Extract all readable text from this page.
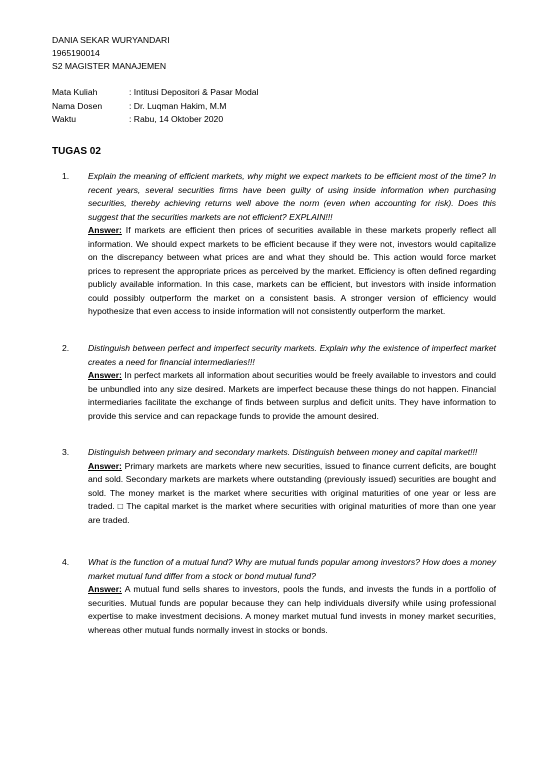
DANIA SEKAR WURYANDARI
1965190014
S2 MAGISTER MANAJEMEN
Mata Kuliah	: Intitusi Depositori & Pasar Modal
Nama Dosen	: Dr. Luqman Hakim, M.M
Waktu	: Rabu, 14 Oktober 2020
TUGAS 02
1. Explain the meaning of efficient markets, why might we expect markets to be efficient most of the time? In recent years, several securities firms have been guilty of using inside information when purchasing securities, thereby achieving returns well above the norm (even when accounting for risk). Does this suggest that the securities markets are not efficient? EXPLAIN!!!
Answer: If markets are efficient then prices of securities available in these markets properly reflect all information. We should expect markets to be efficient because if they were not, investors would capitalize on the discrepancy between what prices are and what they should be. This action would force market prices to represent the appropriate prices as perceived by the market. Efficiency is often defined regarding publicly available information. In this case, markets can be efficient, but investors with inside information could possibly outperform the market on a consistent basis. A stronger version of efficiency would hypothesize that even access to inside information will not consistently outperform the market.
2. Distinguish between perfect and imperfect security markets. Explain why the existence of imperfect market creates a need for financial intermediaries!!!
Answer: In perfect markets all information about securities would be freely available to investors and could be unbundled into any size desired. Markets are imperfect because these things do not happen. Financial intermediaries facilitate the exchange of finds between surplus and deficit units. They have information to provide this service and can repackage funds to provide the amount desired.
3. Distinguish between primary and secondary markets. Distinguish between money and capital market!!!
Answer: Primary markets are markets where new securities, issued to finance current deficits, are bought and sold. Secondary markets are markets where outstanding (previously issued) securities are bought and sold. The money market is the market where securities with original maturities of one year or less are traded. □ The capital market is the market where securities with original maturities of more than one year are traded.
4. What is the function of a mutual fund? Why are mutual funds popular among investors? How does a money market mutual fund differ from a stock or bond mutual fund?
Answer: A mutual fund sells shares to investors, pools the funds, and invests the funds in a portfolio of securities. Mutual funds are popular because they can help individuals diversify while using professional expertise to make investment decisions. A money market mutual fund invests in money market securities, whereas other mutual funds normally invest in stocks or bonds.
